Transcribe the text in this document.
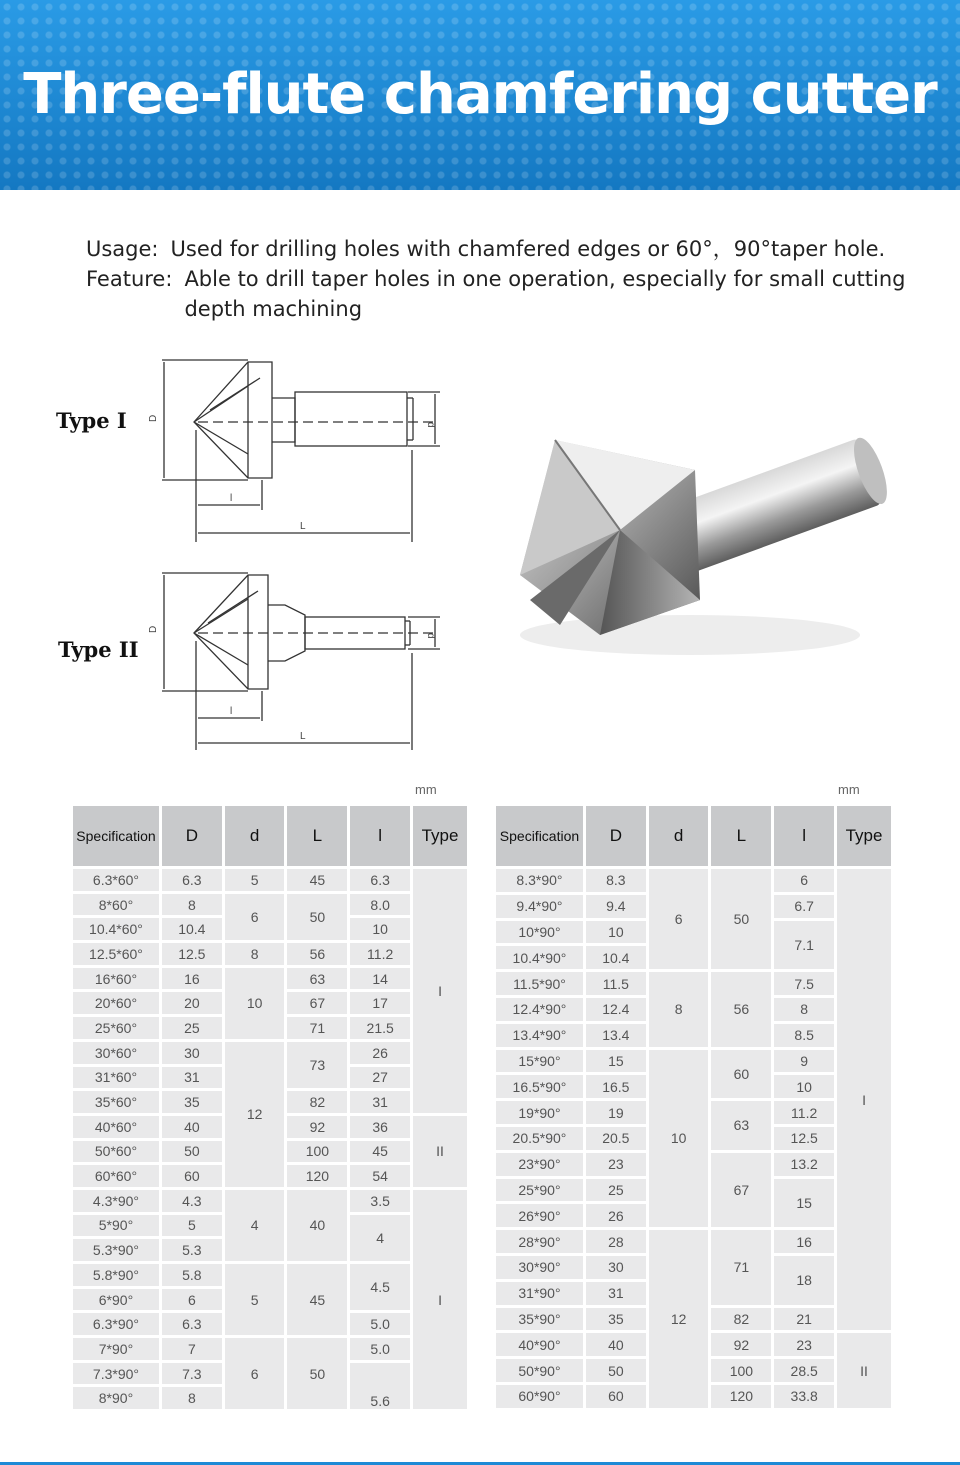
Three-flute chamfering cutter
Usage: Used for drilling holes with chamfered edges or 60°，90°taper hole.
Feature: Able to drill taper holes in one operation, especially for small cutting depth machining
Type I
Type II
D
d
l
L
D
d
l
L
mm	mm
Specification	D	d	L	l	Type
6.3*60°	6.3	5	45	6.3	I
8*60°	8	6	50	8.0	
10.4*60°	10.4			10	
12.5*60°	12.5	8	56	11.2	
16*60°	16	10	63	14	
20*60°	20		67	17	
25*60°	25		71	21.5	
30*60°	30	12	73	26	
31*60°	31			27	
35*60°	35		82	31	
40*60°	40		92	36	II
50*60°	50		100	45	
60*60°	60		120	54	
4.3*90°	4.3	4	40	3.5	I
5*90°	5			4	
5.3*90°	5.3				
5.8*90°	5.8	5	45	4.5	
6*90°	6				
6.3*90°	6.3			5.0	
7*90°	7	6	50	5.0	
7.3*90°	7.3			5.6	
8*90°	8				
Specification	D	d	L	l	Type
8.3*90°	8.3	6	50	6	I
9.4*90°	9.4			6.7	
10*90°	10			7.1	
10.4*90°	10.4				
11.5*90°	11.5	8	56	7.5	
12.4*90°	12.4			8	
13.4*90°	13.4			8.5	
15*90°	15	10	60	9	
16.5*90°	16.5			10	
19*90°	19		63	11.2	
20.5*90°	20.5			12.5	
23*90°	23		67	13.2	
25*90°	25			15	
26*90°	26				
28*90°	28	12	71	16	
30*90°	30			18	
31*90°	31				
35*90°	35		82	21	
40*90°	40		92	23	II
50*90°	50		100	28.5	
60*90°	60		120	33.8	
